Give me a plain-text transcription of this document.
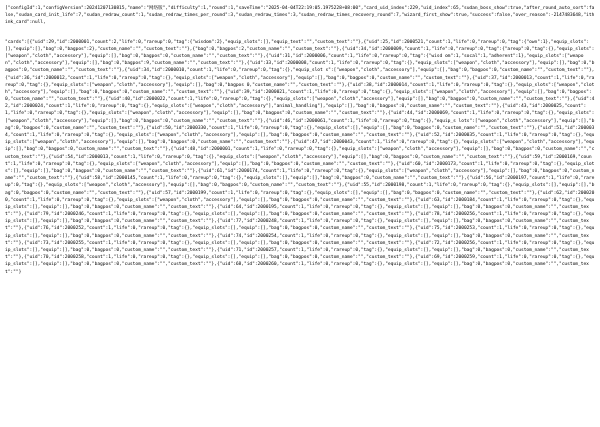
["configId":1,"configVersion":20241207130815,"name":"网络版","difficulty":1,"round":1,"saveTime":"2025-04-04T22:19:05.1975228+08:00","card_uid_index":229,"uid_index":65,"sudan_boss_show":true,"after_round_auto_sort":false,"sudan_card_init_life":7,"sudan_redraw_count":1,"sudan_redraw_times_per_round":3,"sudan_redraw_times":3,"sudan_redraw_times_recovery_round":7,"wizard_first_show":true,"success":false,"over_reason":-2147483648,"ithink_card":null,
"cards":[{"uid":29,"id":2000001,"count":2,"life":0,"rareup":0,"tag":{"wisdom":2},"equip_slots":[],"equip_text":"","custom_text":""},{"uid":25,"id":2000521,"count":1,"life":0,"rareup":0,"tag":{"own":1},"equip_slots":[],"equip":[],"bag":0,"bagpos":2},"custom_name":"","custom_text":""},{"bag":0,"bagpos":2,"custom_name":"","custom_text":""},{"uid":34,"id":2000009,"count":1,"life":0,"rareup":0,"tag":{"areup":0,"tag":{},"equip_slots":["weapon","cloth","accessory"],"equip":[],"bag":0,"bagpos":0,"custom_name":"","custom_text":""},{"uid":31,"id":2000006,"count":1,"life":0,"rareup":0,"tag":{"wisd om":1,"socal":1,"adherent":1},"equip_slots":["weapon","cloth","accessory"],"equip":[],"bag":0,"bagpos":9,"custom_name":"","custom_text":""},{"uid":33,"id":2000008,"count":1,"life":0,"rareup":0,"tag":{},"equip_slots":["weapon","cloth","accessory"],"equip":[],"bag":0,"bagpos":0,"custom_name":"","custom_text":""},{"uid":34,"id":2000010,"count":1,"life":0,"rareup":0,"tag":{},"equip_slot s":["weapon","cloth","accessory"],"equip":[],"bag":0,"bagpos":0,"custom_name":"","custom_text":""},{"uid":36,"id":2000012,"count":1,"life":0,"rareup":0,"tag":{},"equip_slots":["weapon","cloth","accessory"],"equip":[],"bag":0,"bagpos":0,"custom_name":"","custom_text":""},{"uid":37,"id":2000013,"count":1,"life":0,"rareup":0,"tag":{},"equip_slots":["weapon","cloth","accessory"],"equip":[],"bag":0,"bagpos 0,"custom_name":"","custom_text":""},{"uid":38,"id":2000014,"count":1,"life":0,"rareup":0,"tag":{},"equip_slots":["weapon","cloth","accessory"],"equip":[],"bag":0,"bagpos":0,"custom_name":"","custom_text":""},{"uid":39,"id":2000021,"count":1,"life":0,"rareup":0,"tag":{},"equip_slots":["weapon","cloth","accessory"],"equip":[],"bag":0,"bagpos":0,"custom_name":"","custom_text":""},{"uid":40,"id":2000022,"count":1,"life":0,"rareup":0,"tag":{},"equip_slots":["weapon","cloth","accessory"],"equip":[],"bag":0,"bagpos":0,"custom_name":"","custom_text":""},{"uid":42,"id":2000024,"count":1,"life":0,"rareup":0,"tag":{},"equip_slots":["weapon","cloth","accessory"],"animal_handling"],"equip":[],"bag":0,"bagpos":0,"custom_name":"","custom_text":""},{"uid":43,"id":2000025,"count":1,"life":0,"rareup":0,"tag":{},"equip_slots":["weapon","cloth","accessory"],"equip":[],"bag":0,"bagpos":0,"custom_name":"","custom_text":""},{"uid":44,"id":2000069,"count":1,"life":0,"rareup":0,"tag":{},"equip_slots":["weapon","cloth","accessory"],"equip":[],"bag":0,"bagpos":0,"custom_name":"","custom_text":""},{"uid":46,"id":2000061,"count":1,"life":0,"rareup":0,"tag":{},"equip_s lots":["weapon","cloth","accessory"],"equip":[],"bag":0,"bagpos":0,"custom_name":"","custom_text":""},{"uid":50,"id":2000330,"count":1,"life":0,"rareup":0,"tag":{},"equip_slots":[],"equip":[],"bag":0,"bagpos":0,"custom_name":"","custom_text":""},{"uid":51,"id":2000034,"count":1,"life":0,"rareup":0,"tag":{},"equip_slots":["weapon","cloth","accessory"],"equip":[],"bag":0,"bagpos":0,"custom_name":"","custom_text":""},{"uid":52,"id":2000035,"count":1,"life":0,"rareup":0,"tag":{},"equip_slots":["weapon","cloth","accessory"],"equip":[],"bag":0,"bagpos":0,"custom_name":"","custom_text":""},{"uid":47,"id":2000043,"count":1,"life":0,"rareup":0,"tag":{},"equip_slots":["weapon","cloth","accessory"],"equip":[],"bag":0,"bagpos":0,"custom_name":"","custom_text":""},{"uid":48,"id":2000001,"count":1,"life":0,"rareup":0,"tag":{},"equip_slots":["weapon","cloth","accessory"],"equip":[],"bag":0,"bagpos":0,"custom_name":"","custom_text":""},{"uid":54,"id":2000013,"count":1,"life":0,"rareup":0,"tag":{},"equip_slots":["weapon","cloth","accessory"],"equip":[],"bag":0,"bagpos":0,"custom_name":"","custom_text":""},{"uid":59,"id":2000169,"count":1,"life":0,"rareup":0,"tag":{},"equip_slots":["weapon","cloth","accessory"],"equip":[],"bag":0,"bagpos":0,"custom_name":"","custom_text":""},{"uid":60,"id":2000173,"count":1,"life":0,"rareup":0,"tag":{},"equip_slots":[],"equip":[],"bag":0,"bagpos":0,"custom_name":"","custom_text":""},{"uid":61,"id":2000174,"count":1,"life":0,"rareup":0,"tag":{},"equip_slots":["weapon","cloth","accessory"],"equip":[],"bag":0,"bagpos":0,"custom_name":"","custom_text":""},{"uid":58,"id":2000145,"count":1,"life":0,"rareup":0,"tag":{},"equip_slots":[],"equip":[],"bag":0,"bagpos":0,"custom_name":"","custom_text":""},{"uid":56,"id":2000197,"count":1,"life":0,"rareup":0,"tag":{},"equip_slots":["weapon","cloth","accessory"],"equip":[],"bag":0,"bagpos":0,"custom_name":"","custom_text":""},{"uid":55,"id":2000198,"count":1,"life":0,"rareup":0,"tag":{},"equip_slots":[],"equip":[],"bag":0,"bagpos":0,"custom_name":"","custom_text":""},{"uid":57,"id":2000199,"count":1,"life":0,"rareup":0,"tag":{},"equip_slots":[],"equip":[],"bag":0,"bagpos":0,"custom_name":"","custom_text":""},{"uid":62,"id":2000200,"count":1,"life":0,"rareup":0,"tag":{},"equip_slots":["weapon","cloth","accessory"],"equip":[],"bag":0,"bagpos":0,"custom_name":"","custom_text":""},{"uid":63,"id":2000184,"count":1,"life":0,"rareup":0,"tag":{},"equip_slots":[],"equip":[],"bag":0,"bagpos":0,"custom_name":"","custom_text":""},{"uid":64,"id":2000195,"count":1,"life":0,"rareup":0,"tag":{},"equip_slots":[],"equip":[],"bag":0,"bagpos":0,"custom_name":"","custom_text":""},{"uid":79,"id":2000246,"count":1,"life":0,"rareup":0,"tag":{},"equip_slots":[],"equip":[],"bag":0,"bagpos":0,"custom_name":"","custom_text":""},{"uid":78,"id":2000256,"count":1,"life":0,"rareup":0,"tag":{},"equip_slots":[],"equip":[],"bag":0,"bagpos":0,"custom_name":"","custom_text":""},{"uid":77,"id":2000248,"count":1,"life":0,"rareup":0,"tag":{},"equip_slots":[],"equip":[],"bag":0,"bagpos":0,"custom_name":"","custom_text":""},{"uid":76,"id":2000252,"count":1,"life":0,"rareup":0,"tag":{},"equip_slots":[],"equip":[],"bag":0,"bagpos":0,"custom_name":"","custom_text":""},{"uid":75,"id":2000253,"count":1,"life":0,"rareup":0,"tag":{},"equip_slots":[],"equip":[],"bag":0,"bagpos":0,"custom_name":"","custom_text":""},{"uid":74,"id":2000254,"count":1,"life":0,"rareup":0,"tag":{},"equip_slots":[],"equip":[],"bag":0,"bagpos":0,"custom_name":"","custom_text":""},{"uid":73,"id":2000255,"count":1,"life":0,"rareup":0,"tag":{},"equip_slots":[],"equip":[],"bag":0,"bagpos":0,"custom_name":"","custom_text":""},{"uid":72,"id":2000256,"count":1,"life":0,"rareup":0,"tag":{},"equip_slots":[],"equip":[],"bag":0,"bagpos":0,"custom_name":"","custom_text":""},{"uid":71,"id":2000257,"count":1,"life":0,"rareup":0,"tag":{},"equip_slots":[],"equip":[],"bag":0,"bagpos":0,"custom_name":"","custom_text":""},{"uid":70,"id":2000258,"count":1,"life":0,"rareup":0,"tag":{},"equip_slots":[],"equip":[],"bag":0,"bagpos":0,"custom_name":"","custom_text":""},{"uid":69,"id":2000259,"count":1,"life":0,"rareup":0,"tag":{},"equip_slots":[],"equip":[],"bag":0,"bagpos":0,"custom_name":"","custom_text":""},{"uid":68,"id":2000260,"count":1,"life":0,"rareup":0,"tag":{},"equip_slots":[],"equip":[],"bag":0,"bagpos":0,"custom_name":"","custom_text":""}
